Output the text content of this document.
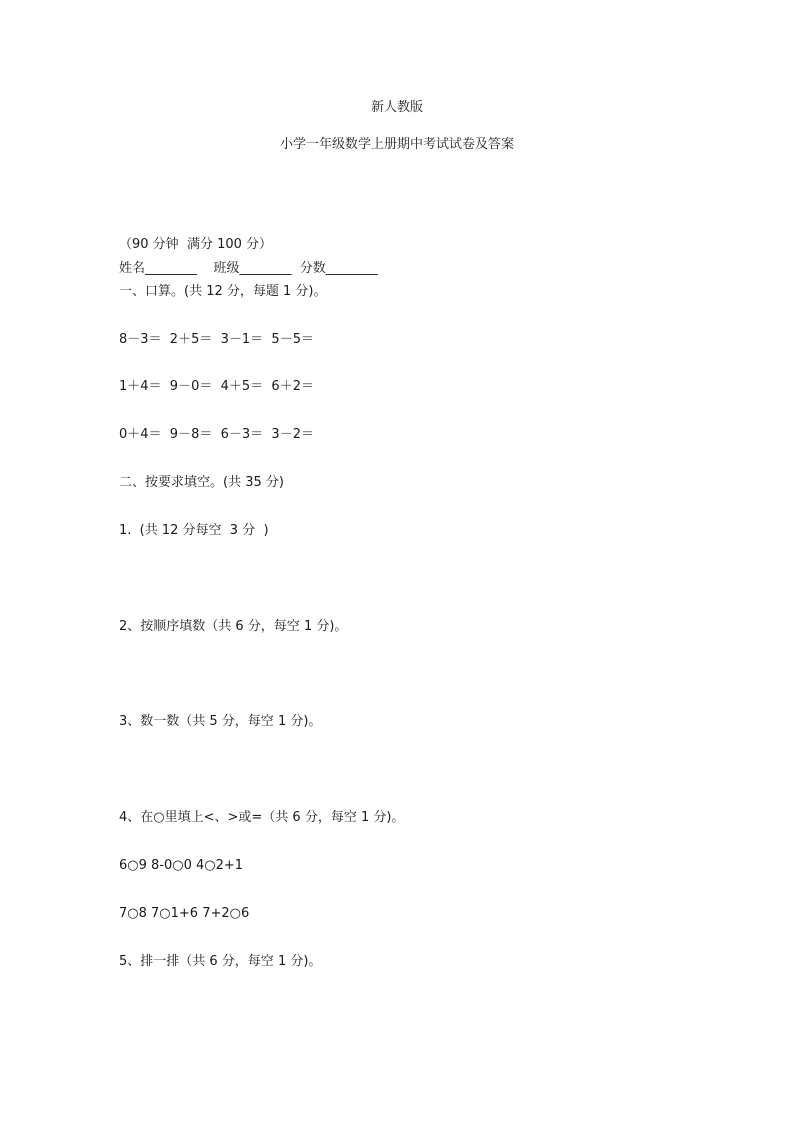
新人教版
小学一年级数学上册期中考试试卷及答案
（90 分钟  满分 100 分）
姓名________    班级________  分数________
一、口算。(共 12 分，每题 1 分)。
8－3＝  2＋5＝  3－1＝  5－5＝
1＋4＝  9－0＝  4＋5＝  6＋2＝
0＋4＝  9－8＝  6－3＝  3－2＝
二、按要求填空。(共 35 分)
1.  (共 12 分每空  3 分  )
2、按顺序填数（共 6 分，每空 1 分)。
3、数一数（共 5 分，每空 1 分)。
4、在○里填上<、>或=（共 6 分，每空 1 分)。
6○9 8-0○0 4○2+1
7○8 7○1+6 7+2○6
5、排一排（共 6 分，每空 1 分)。
